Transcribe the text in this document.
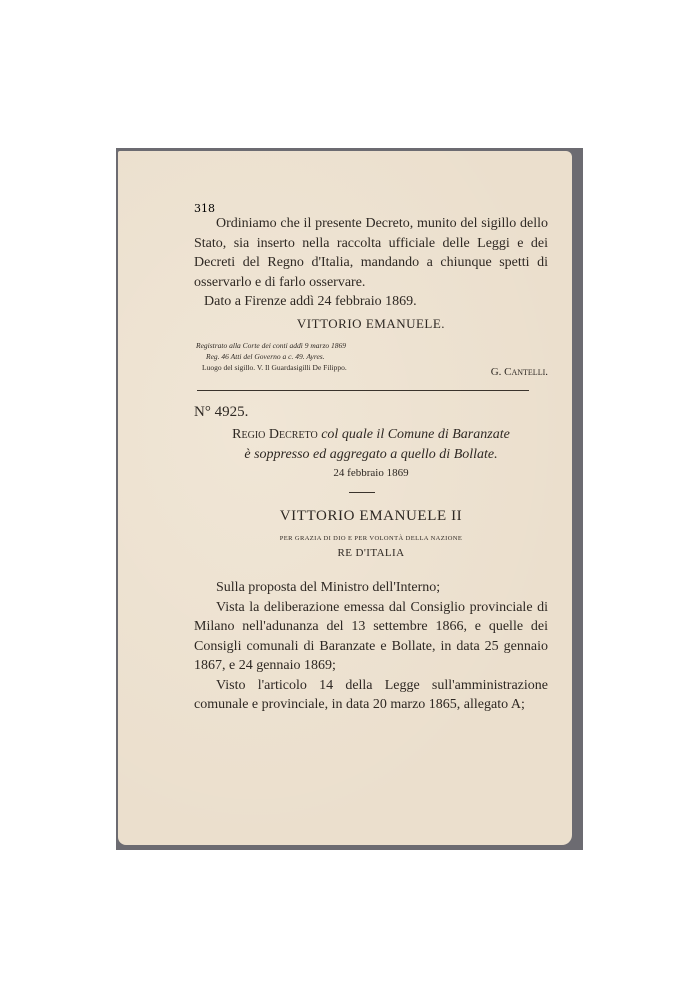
318
Ordiniamo che il presente Decreto, munito del sigillo dello Stato, sia inserto nella raccolta ufficiale delle Leggi e dei Decreti del Regno d'Italia, mandando a chiunque spetti di osservarlo e di farlo osservare.
Dato a Firenze addì 24 febbraio 1869.
VITTORIO EMANUELE.
Registrato alla Corte dei conti addì 9 marzo 1869
Reg. 46 Atti del Governo a c. 49. Ayres.
Luogo del sigillo. V. Il Guardasigilli De Filippo.	G. Cantelli.
N° 4925.
Regio Decreto col quale il Comune di Baranzate
è soppresso ed aggregato a quello di Bollate.
24 febbraio 1869
VITTORIO EMANUELE II
PER GRAZIA DI DIO E PER VOLONTÀ DELLA NAZIONE
RE D'ITALIA
Sulla proposta del Ministro dell'Interno;
Vista la deliberazione emessa dal Consiglio provinciale di Milano nell'adunanza del 13 settembre 1866, e quelle dei Consigli comunali di Baranzate e Bollate, in data 25 gennaio 1867, e 24 gennaio 1869;
Visto l'articolo 14 della Legge sull'amministrazione comunale e provinciale, in data 20 marzo 1865, allegato A;
